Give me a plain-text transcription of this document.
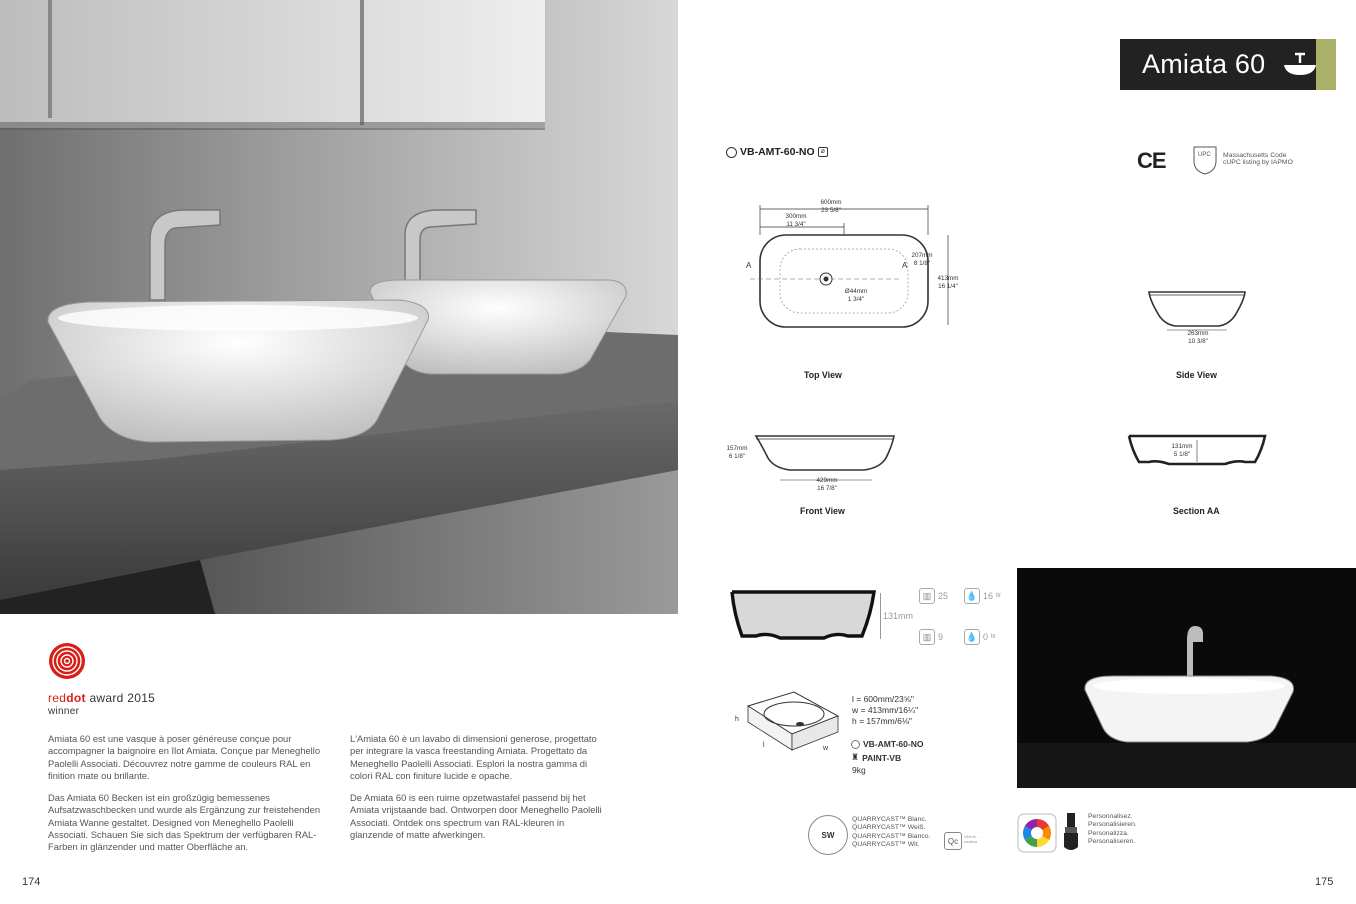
reddot award 2015
winner

Amiata 60 est une vasque à poser généreuse conçue pour accompagner la baignoire en îlot Amiata. Conçue par Meneghello Paolelli Associati. Découvrez notre gamme de couleurs RAL en finition mate ou brillante.

Das Amiata 60 Becken ist ein großzügig bemessenes Aufsatzwaschbecken und wurde als Ergänzung zur freistehenden Amiata Wanne gestaltet. Designed von Meneghello Paolelli Associati. Schauen Sie sich das Spektrum der verfügbaren RAL-Farben in glänzender und matter Oberfläche an.

L'Amiata 60 è un lavabo di dimensioni generose, progettato per integrare la vasca freestanding Amiata. Progettato da Meneghello Paolelli Associati. Esplori la nostra gamma di colori RAL con finiture lucide e opache.

De Amiata 60 is een ruime opzetwastafel passend bij het Amiata vrijstaande bad. Ontworpen door Meneghello Paolelli Associati. Ontdek ons spectrum van RAL-kleuren in glanzende of matte afwerkingen.

174
Amiata 60
VB-AMT-60-NO ⌀	CE	UPC Massachusetts Code
cUPC listing by IAPMO
600mm
23 5/8"
300mm
11 3/4"
207mm
8 1/8"
413mm
16 1/4"
Ø44mm
1 3/4"
A	A
Top View
263mm
10 3/8"
Side View
157mm
6 1/8"
429mm
16 7/8"
Front View
131mm
5 1/8"
Section AA
131mm
▥ 25 💧 16 ltr
▥ 9	💧 0 ltr
h
l	w
l = 600mm/23⅝"
w = 413mm/16¼"
h = 157mm/6⅛"
VB-AMT-60-NO
♜ PAINT-VB
9kg
SW
QUARRYCAST™ Blanc.
QUARRYCAST™ Weiß.
QUARRYCAST™ Bianco.
QUARRYCAST™ Wit.	Qc	Vert et ... couleur
Personnalisez.
Personalisieren.
Personalizza.
Personaliseren.
175
